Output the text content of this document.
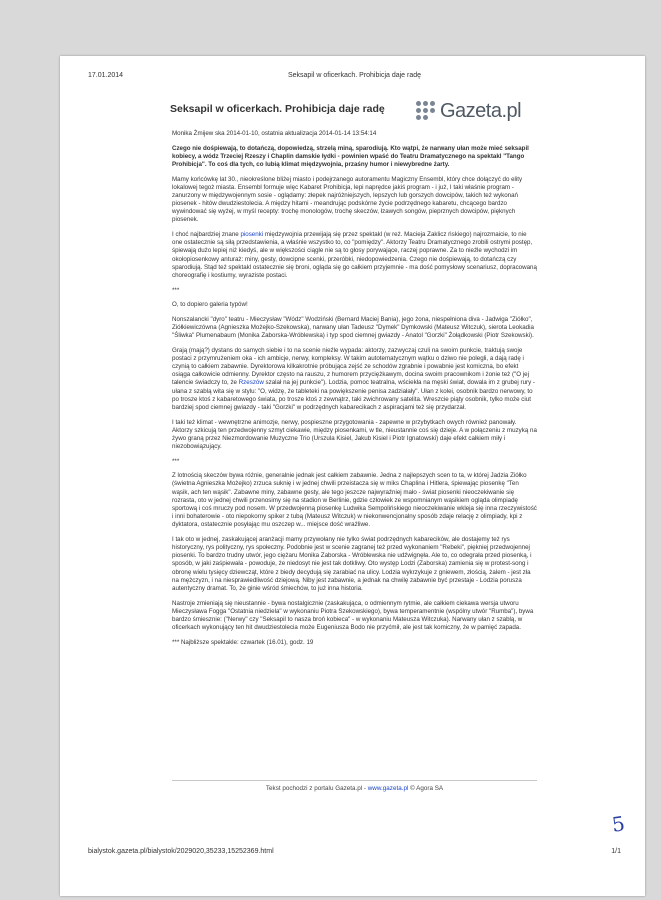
17.01.2014	Seksapil w oficerkach. Prohibicja daje radę
Seksapil w oficerkach. Prohibicja daje radę	Gazeta.pl

Monika Żmijew ska 2014-01-10, ostatnia aktualizacja 2014-01-14 13:54:14

Czego nie dośpiewają, to dotańczą, dopowiedzą, strzelą miną, sparodiują. Kto wątpi, że narwany ułan może mieć seksapil kobiecy, a wódz Trzeciej Rzeszy i Chaplin damskie łydki - powinien wpaść do Teatru Dramatycznego na spektakl "Tango Prohibicja". To coś dla tych, co lubią klimat międzywojnia, przaśny humor i niewybredne żarty.

Mamy końcówkę lat 30., nieokreślone bliżej miasto i podejrzanego autoramentu Magiczny Ensembl, który chce dołączyć do elity lokalowej tegoż miasta. Ensembl formuje więc Kabaret Prohibicja, lepi naprędce jakiś program - i już, I taki właśnie program - zanurzony w międzywojennym sosie - oglądamy: złepek najróżniejszych, lepszych lub gorszych dowcipów, takich też wykonań piosenek - hitów dwudziestolecia. A między hitami - meandrując podskórne życie podrzędnego kabaretu, chcącego bardzo wywindować się wyżej, w myśl recepty: trochę monologów, trochę skeczów, łzawych songów, pieprznych dowcipów, pięknych piosenek.

I choć najbardziej znane piosenki międzywojnia przewijają się przez spektakl (w reż. Macieja Zaklicz ńskiego) najrozmaicie, to nie one ostatecznie są siłą przedstawienia, a właśnie wszystko to, co "pomiędzy". Aktorzy Teatru Dramatycznego zrobili ostrymi postęp, śpiewają dużo lepiej niż kiedyś, ale w większości ciągle nie są to głosy porywające, raczej poprawne. Za to nieźle wychodzi im okołopiosenkowy anturaż: miny, gesty, dowcipne scenki, przeróbki, niedopowiedzenia. Czego nie dośpiewają, to dotańczą czy sparodiują. Stąd też spektakl ostatecznie się broni, ogląda się go całkiem przyjemnie - ma dość pomysłowy scenariusz, dopracowaną choreografię i kostiumy, wyraziste postaci.

***

O, to dopiero galeria typów!

Nonszalancki "dyro" teatru - Mieczysław "Wódz" Wodziński (Bernard Maciej Bania), jego żona, niespełniona diva - Jadwiga "Ziółko", Ziółkiewiczówna (Agnieszka Możejko-Szekowska), narwany ułan Tadeusz "Dymek" Dymkowski (Mateusz Witczuk), sierota Leokadia "Śliwka" Plumenabaum (Monika Zaborska-Wróblewska) i typ spod ciemnej gwiazdy - Anatol "Gorzki" Żołądkowski (Piotr Szekowski).

Grają (mają?) dystans do samych siebie i to na scenie nieźle wypada: aktorzy, zazwyczaj czuli na swoim punkcie, traktują swoje postaci z przymrużeniem oka - ich ambicje, nerwy, kompleksy. W takim autotematycznym wątku o dziwo nie polegli, a dają radę i czynią to całkiem zabawnie. Dyrektorowa kilkakrotnie próbująca zejść ze schodów zgrabnie i powabnie jest komiczna, bo efekt osiąga całkowicie odmienny. Dyrektor często na rauszu, z humorem przyciężkawym, docina swoim pracownikom i żonie też ("O jej talencie świadczy to, że Rzeszów szalał na jej punkcie"). Lodzia, pomoc teatralna, wściekła na męski świat, dowala im z grubej rury - ułana z szablą wita się w stylu: "O, widzę, że tableteki na powiększenie penisa zadziałały". Ułan z kolei, osobnik bardzo nerwowy, to po trosze ktoś z kabaretowego świata, po trosze ktoś z zewnątrz, taki zwichrowany satelita. Wreszcie piąty osobnik, tylko może ciut bardziej spod ciemnej gwiazdy - taki "Gorzki" w podrzędnych kabarecikach z aspiracjami też się przydarzał.

I taki też klimat - wewnętrzne animozje, nerwy, pospieszne przygotowania - zapewne w przybytkach owych również panowały. Aktorzy szkicują ten przedwojenny szmyt ciekawie, między piosenkami, w tle, nieustannie coś się dzieje. A w połączeniu z muzyką na żywo graną przez Niezmordowanie Muzyczne Trio (Urszula Kisiel, Jakub Kisiel i Piotr Ignatowski) daje efekt całkiem miły i niezobowiązujący.

***

Z lotnością skeczów bywa różnie, generalnie jednak jest całkiem zabawnie. Jedna z najlepszych scen to ta, w której Jadzia Ziółko (świetna Agnieszka Możejko) zrzuca suknię i w jednej chwili przeistacza się w miks Chaplina i Hitlera, śpiewając piosenkę "Ten wąsik, ach ten wąsik". Zabawne miny, zabawne gesty, ale tego jeszcze najwyraźniej mało - świat piosenki nieoczekiwanie się rozrasta, oto w jednej chwili przenosimy się na stadion w Berlinie, gdzie człowiek ze wspomnianym wąsikiem ogląda olimpiadę sportową i coś mruczy pod nosem. W przedwojenną piosenkę Ludwika Sempolińskiego nieoczekiwanie wkleja się inna rzeczywistość i inni bohaterowie - oto niepokorny spiker z tubą (Mateusz Witczuk) w niekonwencjonalny sposób zdaje relację z olimpiady, kpi z dyktatora, ostatecznie posyłając mu oszczep w... miejsce dość wrażliwe.

I tak oto w jednej, zaskakującej aranżacji mamy przywołany nie tylko świat podrzędnych kabarecików, ale dostajemy też rys historyczny, rys polityczny, rys społeczny. Podobnie jest w scenie zagranej też przed wykonaniem "Rebeki", piękniej przedwojennej piosenki. To bardzo trudny utwór, jego ciężaru Monika Zaborska - Wróblewska nie udźwignęła. Ale to, co odegrała przed piosenką, i sposób, w jaki zaśpiewała - powoduje, że niedosyt nie jest tak dotkliwy. Oto występ Lodzi (Zaborska) zamienia się w protest-song i obronę wielu tysięcy dziewcząt, które z biedy decydują się zarabiać na ulicy. Lodzia wykrzykuje z gniewem, złością, żalem - jest zła na mężczyzn, i na niesprawiedliwość dziejową. Niby jest zabawnie, a jednak na chwilę zabawnie być przestaje - Lodzia porusza autentyczny dramat. To, że ginie wśród śmiechów, to już inna historia.

Nastroje zmieniają się nieustannie - bywa nostalgicznie (zaskakująca, o odmiennym rytmie, ale całkiem ciekawa wersja utworu Mieczysława Fogga "Ostatnia niedziela" w wykonaniu Piotra Szekowskiego), bywa temperamentnie (wspólny utwór "Rumba"), bywa bardzo śmiesznie: ("Nerwy" czy "Seksapil to nasza broń kobieca" - w wykonaniu Mateusza Witczuka). Narwany ułan z szablą, w oficerkach wykonujący ten hit dwudziestolecia może Eugeniusza Bodo nie przyćmił, ale jest tak komiczny, że w pamięć zapada.

*** Najbliższe spektakle: czwartek (16.01), godz. 19

Tekst pochodzi z portalu Gazeta.pl - www.gazeta.pl © Agora SA
5
bialystok.gazeta.pl/bialystok/2029020,35233,15252369.html	1/1
